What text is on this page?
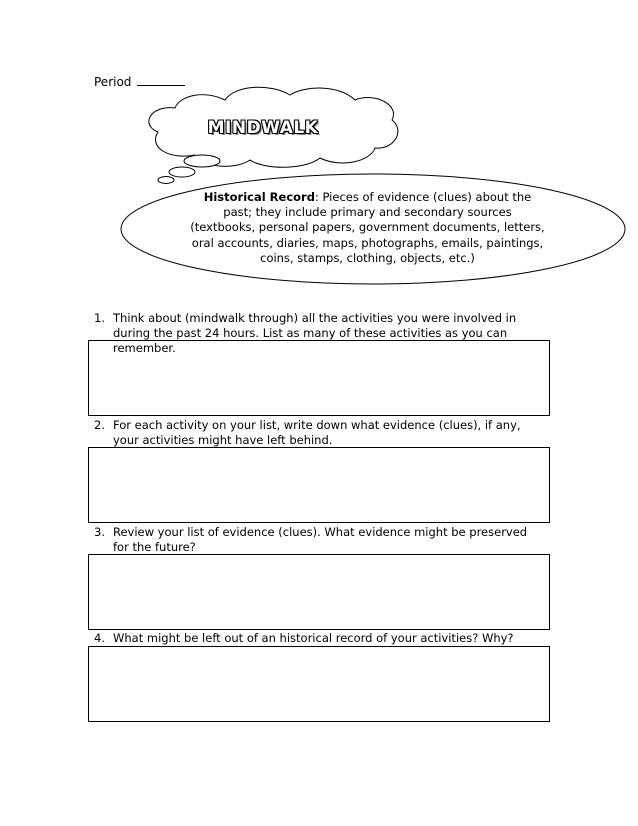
Period
MINDWALK
Historical Record: Pieces of evidence (clues) about the past; they include primary and secondary sources (textbooks, personal papers, government documents, letters, oral accounts, diaries, maps, photographs, emails, paintings, coins, stamps, clothing, objects, etc.)
1. Think about (mindwalk through) all the activities you were involved in during the past 24 hours. List as many of these activities as you can remember.
2. For each activity on your list, write down what evidence (clues), if any, your activities might have left behind.
3. Review your list of evidence (clues). What evidence might be preserved for the future?
4. What might be left out of an historical record of your activities? Why?
